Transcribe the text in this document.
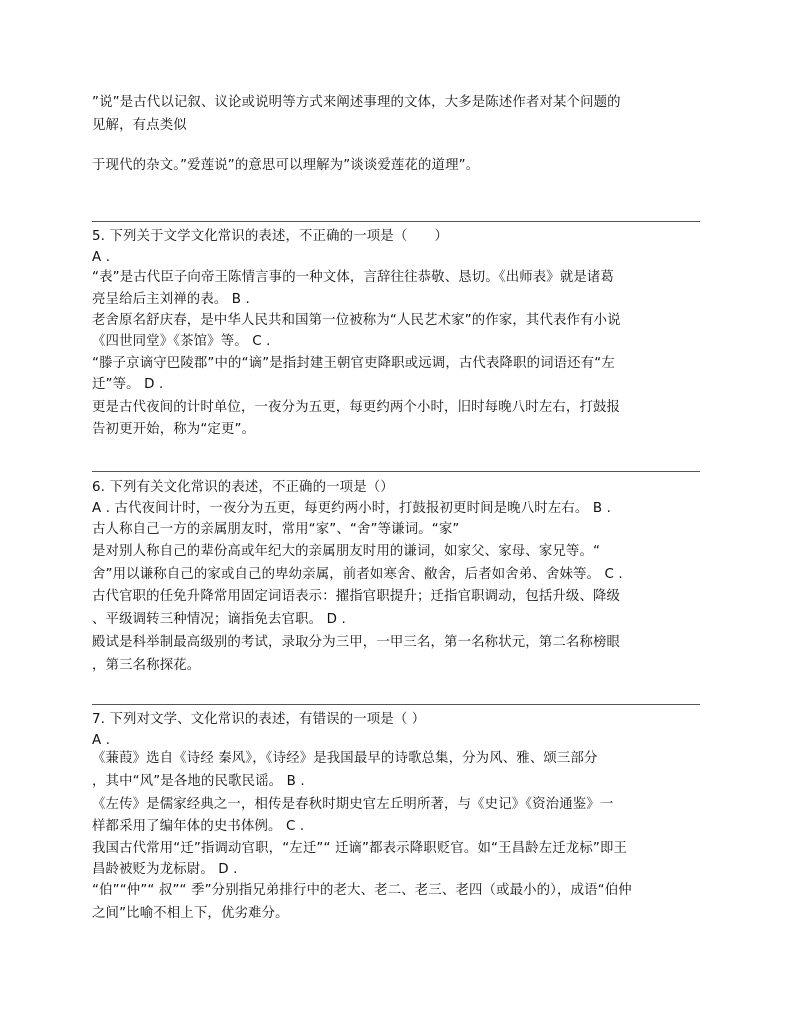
”说”是古代以记叙、议论或说明等方式来阐述事理的文体，大多是陈述作者对某个问题的
见解，有点类似
于现代的杂文。”爱莲说”的意思可以理解为”谈谈爱莲花的道理”。
5. 下列关于文学文化常识的表述，不正确的一项是（　　）
A .
“表”是古代臣子向帝王陈情言事的一种文体，言辞往往恭敬、恳切。《出师表》就是诸葛
亮呈给后主刘禅的表。 B .
老舍原名舒庆春，是中华人民共和国第一位被称为“人民艺术家”的作家，其代表作有小说
《四世同堂》《茶馆》等。 C .
“滕子京谪守巴陵郡”中的“谪”是指封建王朝官吏降职或远调，古代表降职的词语还有“左
迁”等。 D .
更是古代夜间的计时单位，一夜分为五更，每更约两个小时，旧时每晚八时左右，打鼓报
告初更开始，称为“定更”。
6. 下列有关文化常识的表述，不正确的一项是（）
A . 古代夜间计时，一夜分为五更，每更约两小时，打鼓报初更时间是晚八时左右。 B .
古人称自己一方的亲属朋友时，常用“家”、“舍”等谦词。“家”
是对别人称自己的辈份高或年纪大的亲属朋友时用的谦词，如家父、家母、家兄等。“
舍”用以谦称自己的家或自己的卑幼亲属，前者如寒舍、敝舍，后者如舍弟、舍妹等。 C .
古代官职的任免升降常用固定词语表示：擢指官职提升；迁指官职调动，包括升级、降级
、平级调转三种情况；谪指免去官职。 D .
殿试是科举制最高级别的考试，录取分为三甲，一甲三名，第一名称状元，第二名称榜眼
，第三名称探花。
7. 下列对文学、文化常识的表述，有错误的一项是（ ）
A .
《蒹葭》选自《诗经 秦风》，《诗经》是我国最早的诗歌总集，分为风、雅、颂三部分
，其中“风”是各地的民歌民谣。 B .
《左传》是儒家经典之一，相传是春秋时期史官左丘明所著，与《史记》《资治通鉴》一
样都采用了编年体的史书体例。 C .
我国古代常用“迁”指调动官职，“左迁”“ 迁谪”都表示降职贬官。如“王昌龄左迁龙标”即王
昌龄被贬为龙标尉。 D .
“伯”“仲”“ 叔”“ 季”分别指兄弟排行中的老大、老二、老三、老四（或最小的），成语“伯仲
之间”比喻不相上下，优劣难分。
